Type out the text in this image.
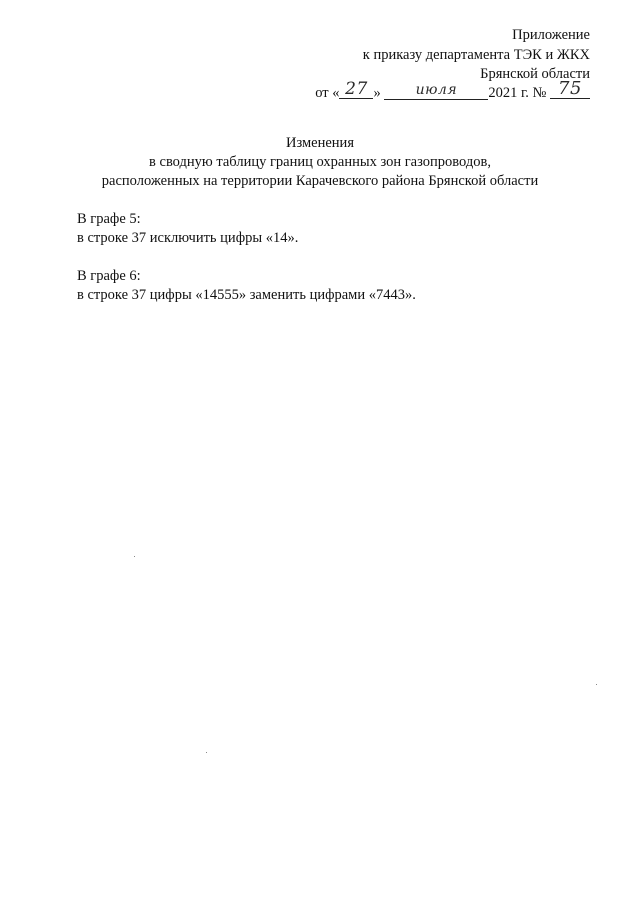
Приложение
к приказу департамента ТЭК и ЖКХ
Брянской области
от « 27 » июля 2021 г. № 75
Изменения
в сводную таблицу границ охранных зон газопроводов,
расположенных на территории Карачевского района Брянской области
В графе 5:
в строке 37 исключить цифры «14».
В графе 6:
в строке 37 цифры «14555» заменить цифрами «7443».
